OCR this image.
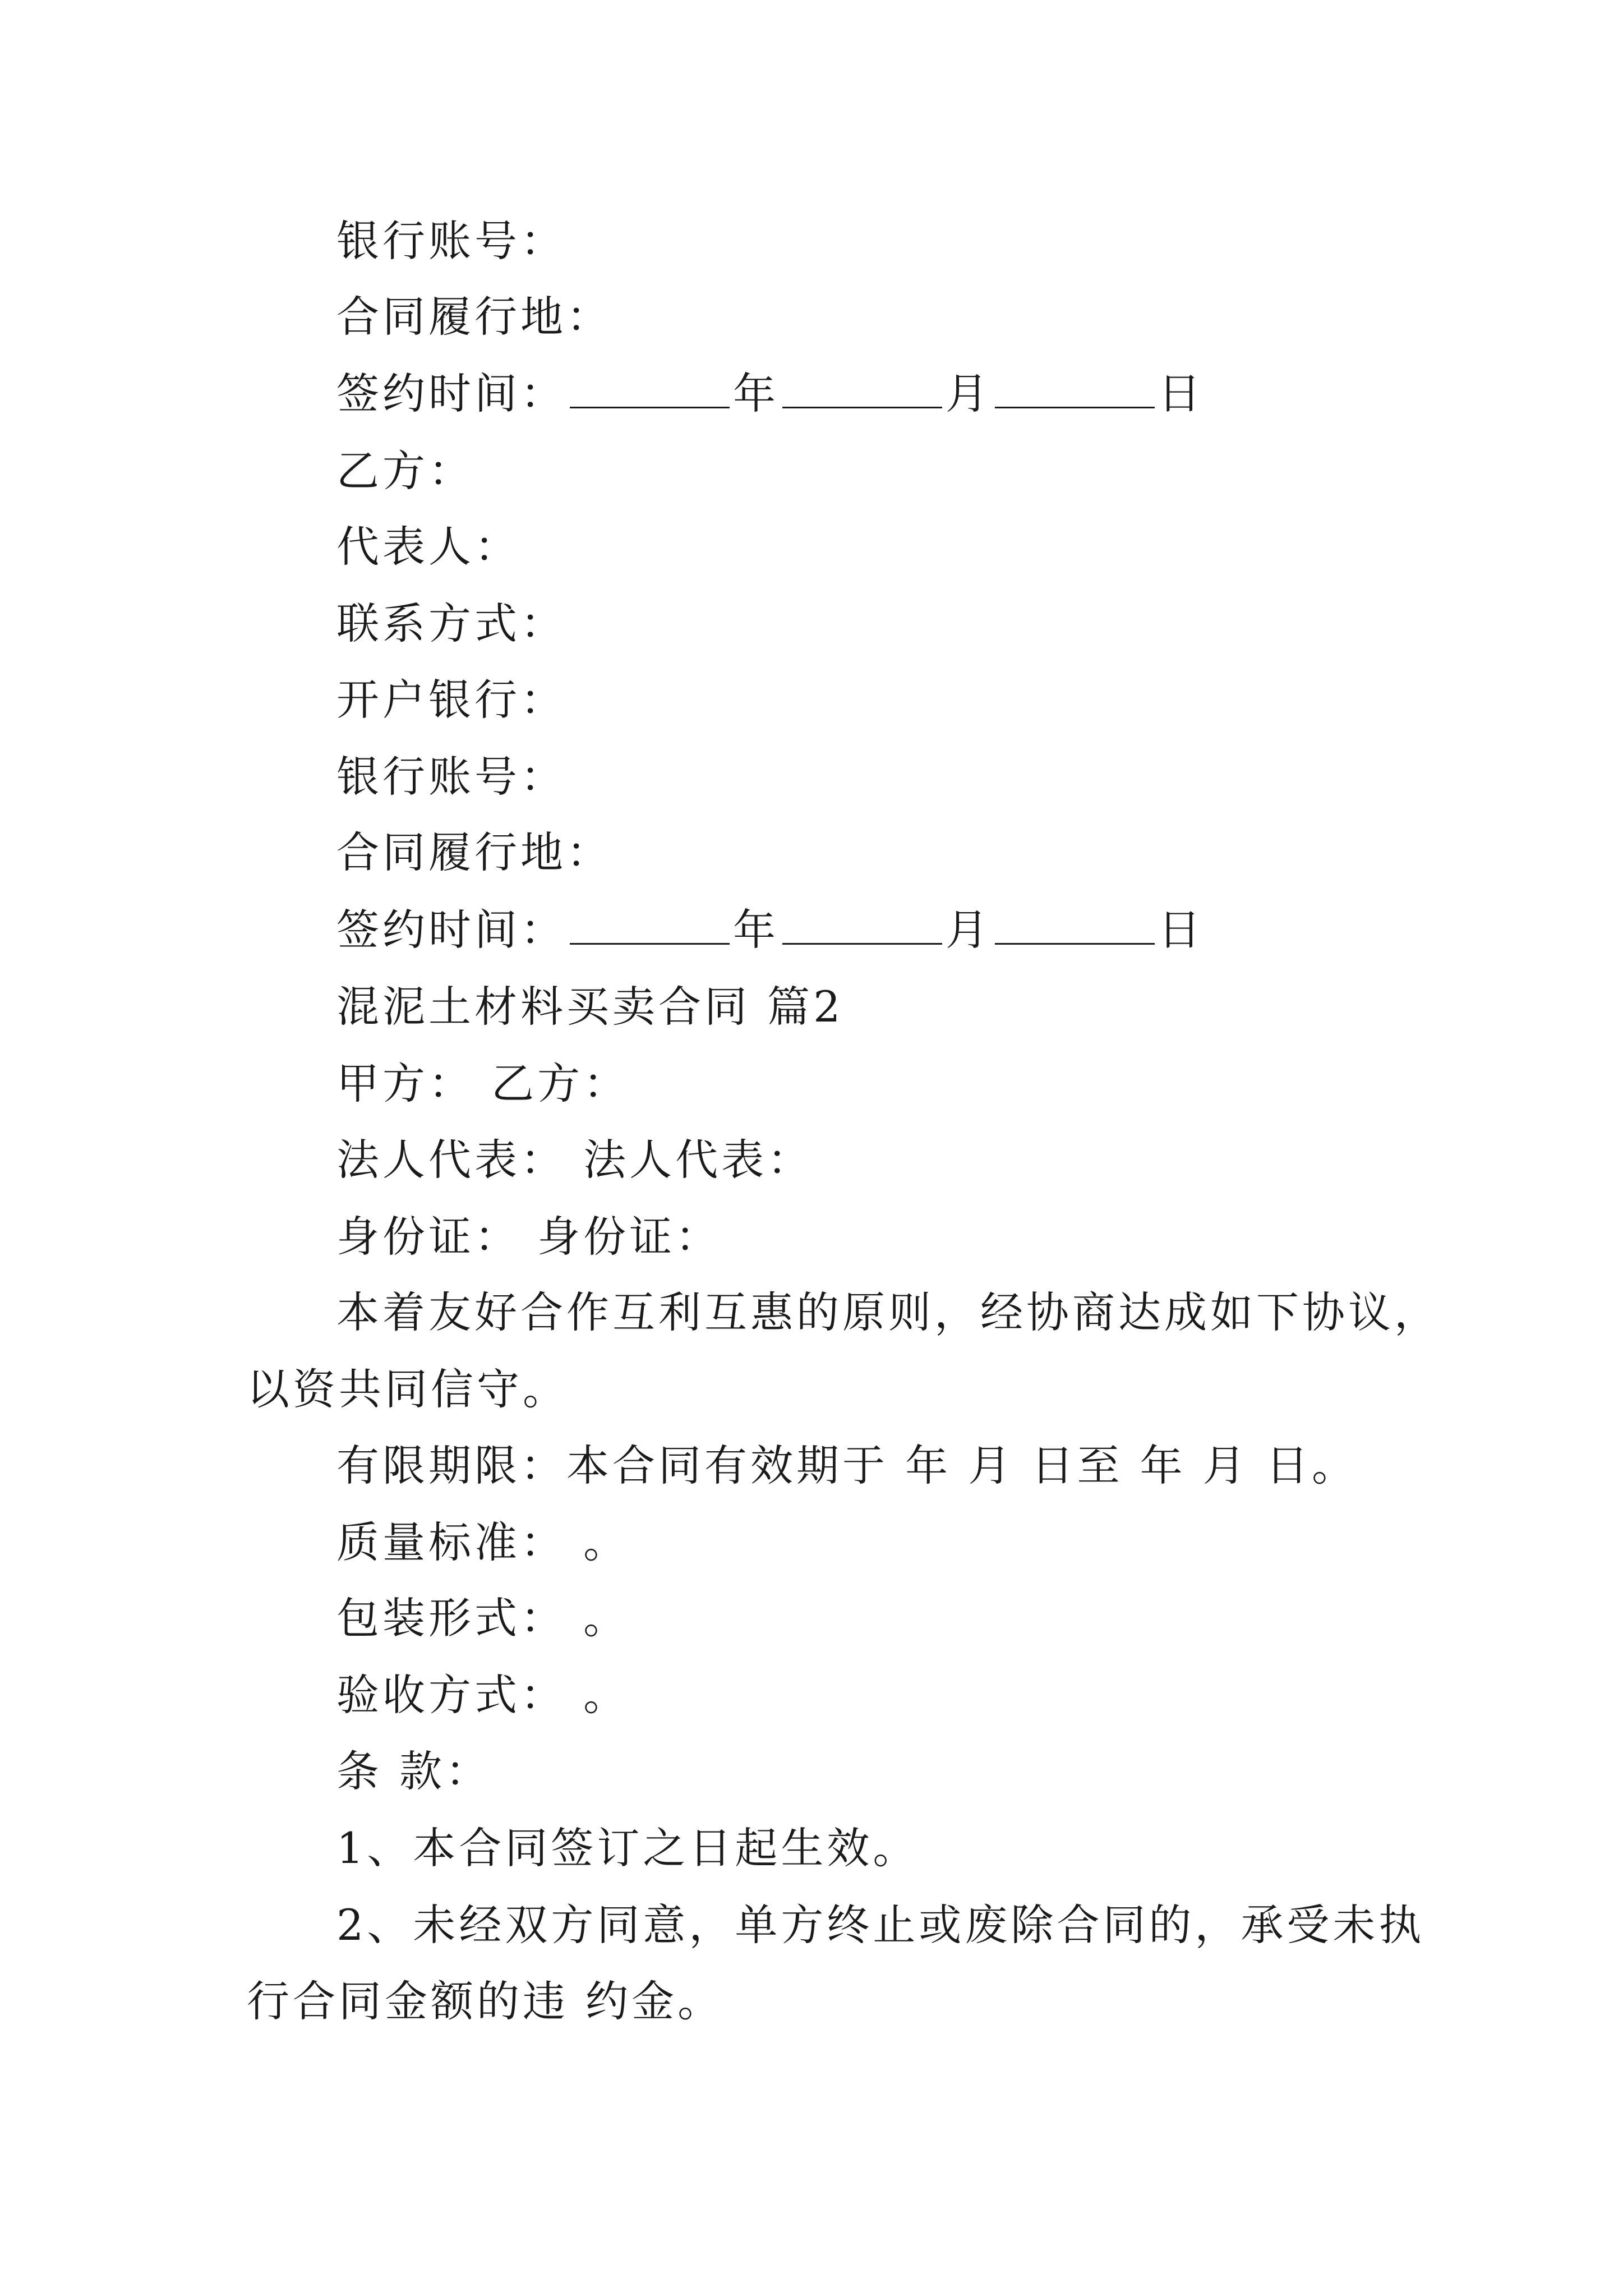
银行账号：
合同履行地：
签约时间：	年	月	日
乙方：
代表人：
联系方式：
开户银行：
银行账号：
合同履行地：
签约时间：	年	月	日
混泥土材料买卖合同 篇2
甲方： 乙方：
法人代表： 法人代表：
身份证： 身份证：
本着友好合作互利互惠的原则，经协商达成如下协议，
以资共同信守。
有限期限：本合同有效期于 年 月 日至 年 月 日。
质量标准： 。
包装形式： 。
验收方式： 。
条 款：
1、本合同签订之日起生效。
2、未经双方同意，单方终止或废除合同的，承受未执
行合同金额的违 约金。
